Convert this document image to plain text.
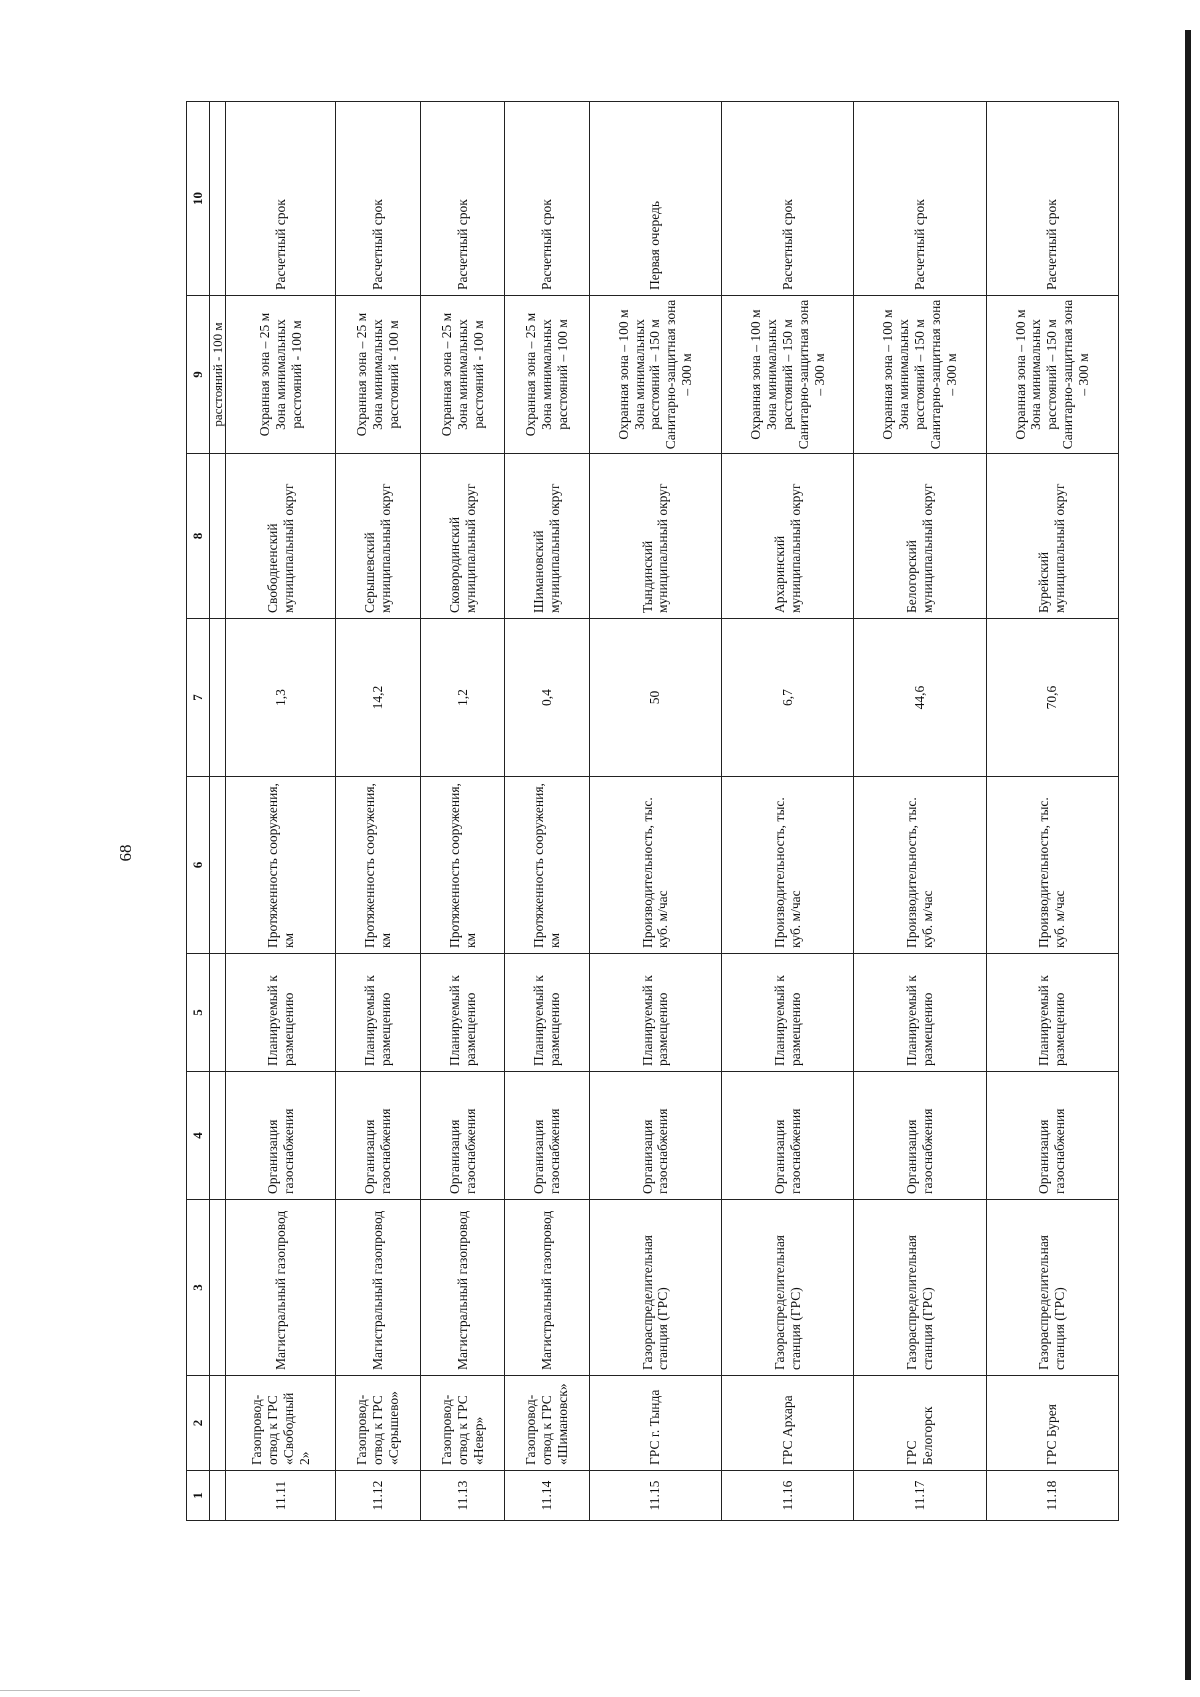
68
1	2	3	4	5	6	7	8	9	10
								расстояний - 100 м	
11.11	Газопровод-отвод к ГРС «Свободный 2»	Магистральный газопровод	Организация газоснабжения	Планируемый к размещению	Протяженность сооружения, км	1,3	Свободненский муниципальный округ	Охранная зона – 25 м Зона минимальных расстояний - 100 м	Расчетный срок
11.12	Газопровод-отвод к ГРС «Серышево»	Магистральный газопровод	Организация газоснабжения	Планируемый к размещению	Протяженность сооружения, км	14,2	Серышевский муниципальный округ	Охранная зона – 25 м Зона минимальных расстояний - 100 м	Расчетный срок
11.13	Газопровод-отвод к ГРС «Невер»	Магистральный газопровод	Организация газоснабжения	Планируемый к размещению	Протяженность сооружения, км	1,2	Сковородинский муниципальный округ	Охранная зона – 25 м Зона минимальных расстояний - 100 м	Расчетный срок
11.14	Газопровод-отвод к ГРС «Шимановск»	Магистральный газопровод	Организация газоснабжения	Планируемый к размещению	Протяженность сооружения, км	0,4	Шимановский муниципальный округ	Охранная зона – 25 м Зона минимальных расстояний – 100 м	Расчетный срок
11.15	ГРС г. Тында	Газораспределительная станция (ГРС)	Организация газоснабжения	Планируемый к размещению	Производительность, тыс. куб. м/час	50	Тындинский муниципальный округ	Охранная зона – 100 м Зона минимальных расстояний – 150 м Санитарно-защитная зона – 300 м	Первая очередь
11.16	ГРС Архара	Газораспределительная станция (ГРС)	Организация газоснабжения	Планируемый к размещению	Производительность, тыс. куб. м/час	6,7	Архаринский муниципальный округ	Охранная зона – 100 м Зона минимальных расстояний – 150 м Санитарно-защитная зона – 300 м	Расчетный срок
11.17	ГРС Белогорск	Газораспределительная станция (ГРС)	Организация газоснабжения	Планируемый к размещению	Производительность, тыс. куб. м/час	44,6	Белогорский муниципальный округ	Охранная зона – 100 м Зона минимальных расстояний – 150 м Санитарно-защитная зона – 300 м	Расчетный срок
11.18	ГРС Бурея	Газораспределительная станция (ГРС)	Организация газоснабжения	Планируемый к размещению	Производительность, тыс. куб. м/час	70,6	Бурейский муниципальный округ	Охранная зона – 100 м Зона минимальных расстояний – 150 м Санитарно-защитная зона – 300 м	Расчетный срок
